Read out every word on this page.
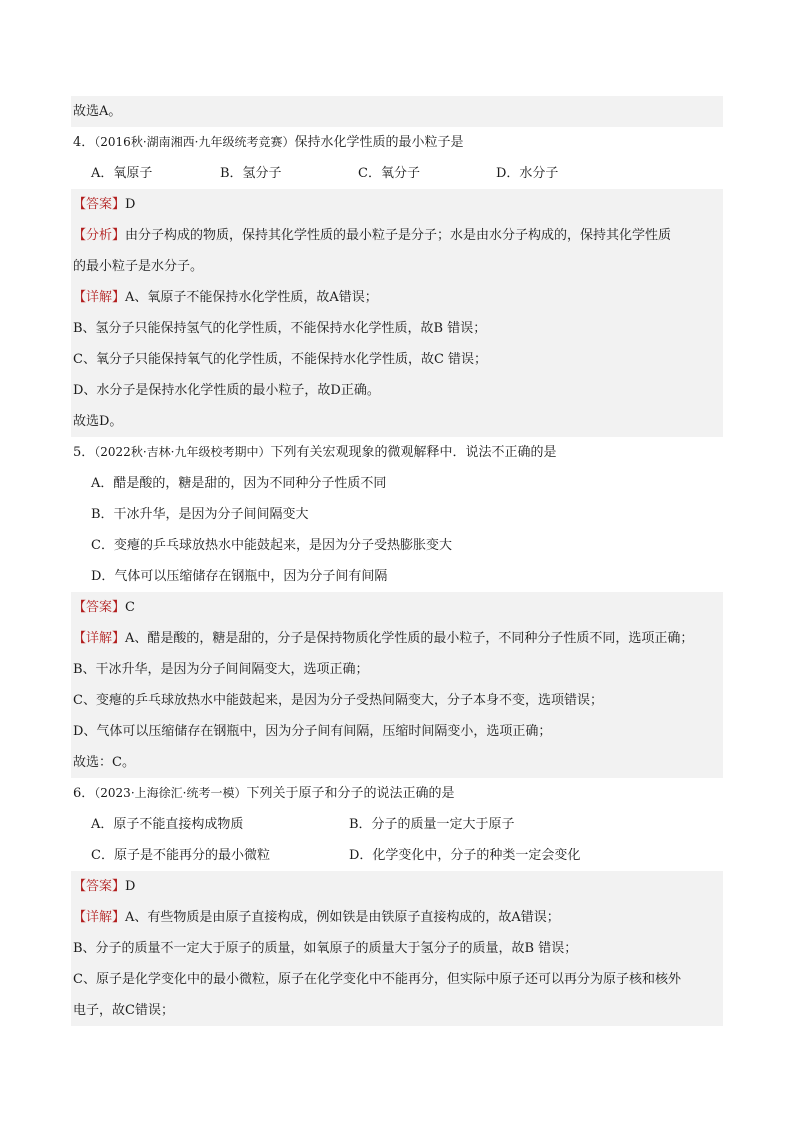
故选A。
4．（2016秋·湖南湘西·九年级统考竞赛）保持水化学性质的最小粒子是
A．氧原子	B．氢分子	C．氧分子	D．水分子
【答案】D
【分析】由分子构成的物质，保持其化学性质的最小粒子是分子；水是由水分子构成的，保持其化学性质
的最小粒子是水分子。
【详解】A、氧原子不能保持水化学性质，故A错误；
B、氢分子只能保持氢气的化学性质，不能保持水化学性质，故B 错误；
C、氧分子只能保持氧气的化学性质，不能保持水化学性质，故C 错误；
D、水分子是保持水化学性质的最小粒子，故D正确。
故选D。
5．（2022秋·吉林·九年级校考期中）下列有关宏观现象的微观解释中．说法不正确的是
A．醋是酸的，糖是甜的，因为不同种分子性质不同
B．干冰升华，是因为分子间间隔变大
C．变瘪的乒乓球放热水中能鼓起来，是因为分子受热膨胀变大
D．气体可以压缩储存在钢瓶中，因为分子间有间隔
【答案】C
【详解】A、醋是酸的，糖是甜的，分子是保持物质化学性质的最小粒子，不同种分子性质不同，选项正确；
B、干冰升华，是因为分子间间隔变大，选项正确；
C、变瘪的乒乓球放热水中能鼓起来，是因为分子受热间隔变大，分子本身不变，选项错误；
D、气体可以压缩储存在钢瓶中，因为分子间有间隔，压缩时间隔变小，选项正确；
故选：C。
6．（2023·上海徐汇·统考一模）下列关于原子和分子的说法正确的是
A．原子不能直接构成物质	B．分子的质量一定大于原子
C．原子是不能再分的最小微粒	D．化学变化中，分子的种类一定会变化
【答案】D
【详解】A、有些物质是由原子直接构成，例如铁是由铁原子直接构成的，故A错误；
B、分子的质量不一定大于原子的质量，如氧原子的质量大于氢分子的质量，故B 错误；
C、原子是化学变化中的最小微粒，原子在化学变化中不能再分，但实际中原子还可以再分为原子核和核外
电子，故C错误；
